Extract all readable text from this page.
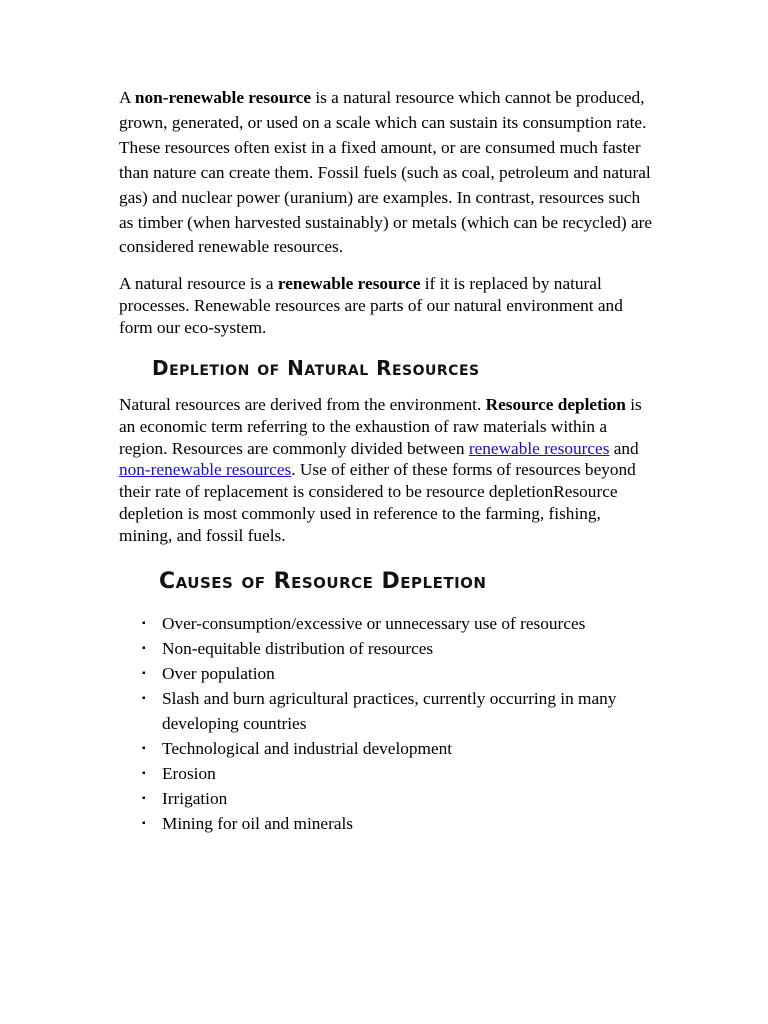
A non-renewable resource is a natural resource which cannot be produced, grown, generated, or used on a scale which can sustain its consumption rate. These resources often exist in a fixed amount, or are consumed much faster than nature can create them. Fossil fuels (such as coal, petroleum and natural gas) and nuclear power (uranium) are examples. In contrast, resources such as timber (when harvested sustainably) or metals (which can be recycled) are considered renewable resources.

A natural resource is a renewable resource if it is replaced by natural processes. Renewable resources are parts of our natural environment and form our eco-system.

Depletion of Natural Resources

Natural resources are derived from the environment. Resource depletion is an economic term referring to the exhaustion of raw materials within a region. Resources are commonly divided between renewable resources and non-renewable resources. Use of either of these forms of resources beyond their rate of replacement is considered to be resource depletionResource depletion is most commonly used in reference to the farming, fishing, mining, and fossil fuels.

Causes of Resource Depletion
▪ Over-consumption/excessive or unnecessary use of resources
▪ Non-equitable distribution of resources
▪ Over population
▪ Slash and burn agricultural practices, currently occurring in many developing countries
▪ Technological and industrial development
▪ Erosion
▪ Irrigation
▪ Mining for oil and minerals
